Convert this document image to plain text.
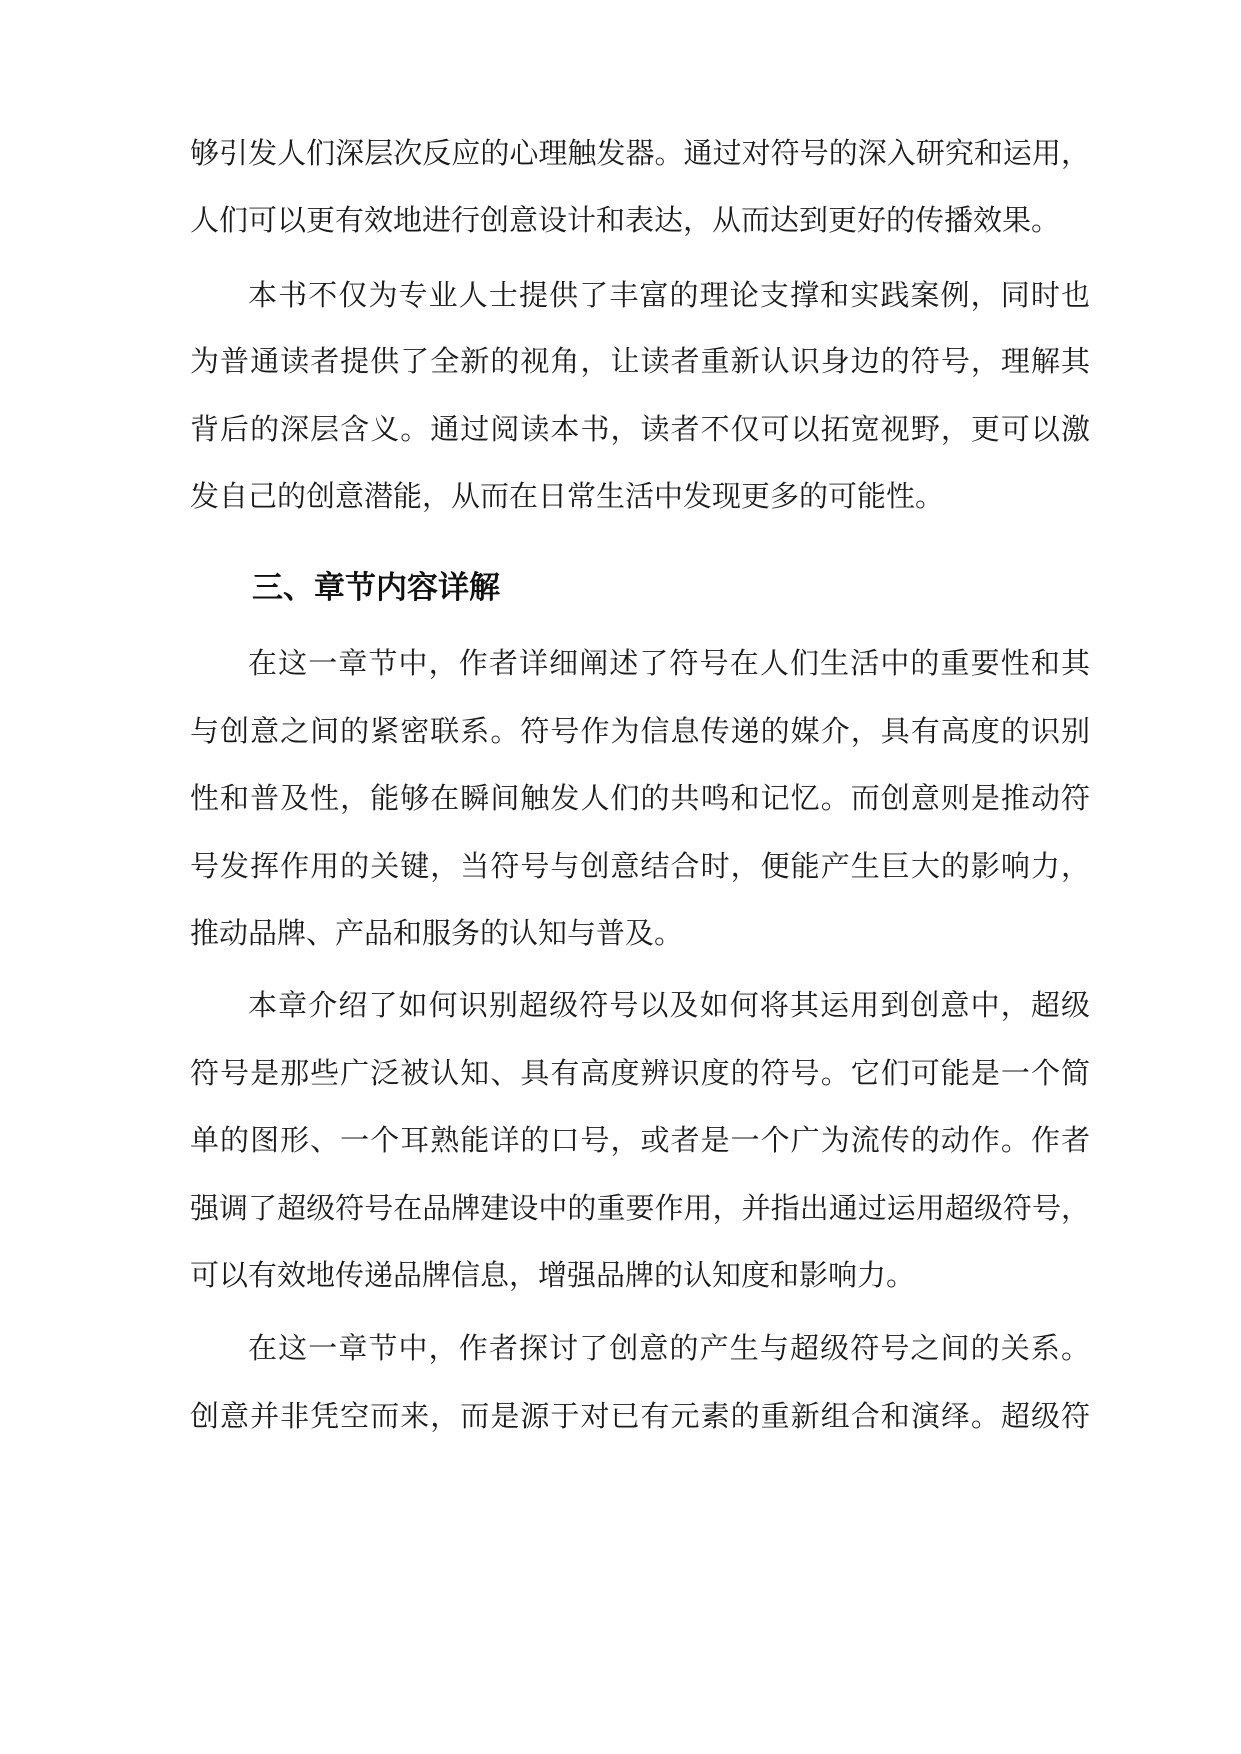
够引发人们深层次反应的心理触发器。通过对符号的深入研究和运用，
人们可以更有效地进行创意设计和表达，从而达到更好的传播效果。
本书不仅为专业人士提供了丰富的理论支撑和实践案例，同时也
为普通读者提供了全新的视角，让读者重新认识身边的符号，理解其
背后的深层含义。通过阅读本书，读者不仅可以拓宽视野，更可以激
发自己的创意潜能，从而在日常生活中发现更多的可能性。
三、章节内容详解
在这一章节中，作者详细阐述了符号在人们生活中的重要性和其
与创意之间的紧密联系。符号作为信息传递的媒介，具有高度的识别
性和普及性，能够在瞬间触发人们的共鸣和记忆。而创意则是推动符
号发挥作用的关键，当符号与创意结合时，便能产生巨大的影响力，
推动品牌、产品和服务的认知与普及。
本章介绍了如何识别超级符号以及如何将其运用到创意中，超级
符号是那些广泛被认知、具有高度辨识度的符号。它们可能是一个简
单的图形、一个耳熟能详的口号，或者是一个广为流传的动作。作者
强调了超级符号在品牌建设中的重要作用，并指出通过运用超级符号，
可以有效地传递品牌信息，增强品牌的认知度和影响力。
在这一章节中，作者探讨了创意的产生与超级符号之间的关系。
创意并非凭空而来，而是源于对已有元素的重新组合和演绎。超级符
